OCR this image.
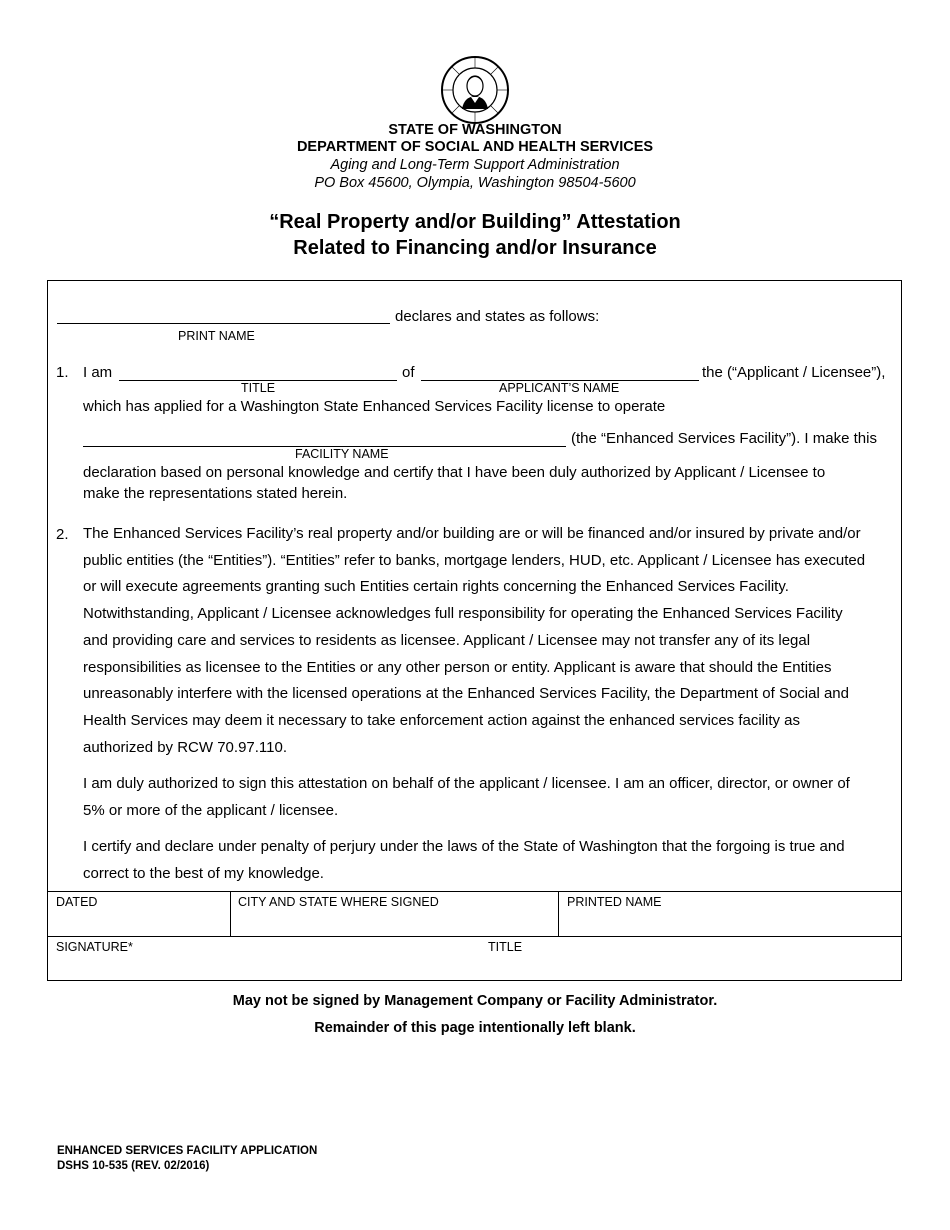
STATE OF WASHINGTON
DEPARTMENT OF SOCIAL AND HEALTH SERVICES
Aging and Long-Term Support Administration
PO Box 45600, Olympia, Washington 98504-5600
“Real Property and/or Building” Attestation
Related to Financing and/or Insurance
declares and states as follows:
PRINT NAME
1. I am	of	the (“Applicant / Licensee”),
TITLE	APPLICANT’S NAME
which has applied for a Washington State Enhanced Services Facility license to operate
(the “Enhanced Services Facility”). I make this
FACILITY NAME
declaration based on personal knowledge and certify that I have been duly authorized by Applicant / Licensee to
make the representations stated herein.
2. The Enhanced Services Facility’s real property and/or building are or will be financed and/or insured by private and/or
public entities (the “Entities”). “Entities” refer to banks, mortgage lenders, HUD, etc. Applicant / Licensee has executed
or will execute agreements granting such Entities certain rights concerning the Enhanced Services Facility.
Notwithstanding, Applicant / Licensee acknowledges full responsibility for operating the Enhanced Services Facility
and providing care and services to residents as licensee. Applicant / Licensee may not transfer any of its legal
responsibilities as licensee to the Entities or any other person or entity. Applicant is aware that should the Entities
unreasonably interfere with the licensed operations at the Enhanced Services Facility, the Department of Social and
Health Services may deem it necessary to take enforcement action against the enhanced services facility as
authorized by RCW 70.97.110.
I am duly authorized to sign this attestation on behalf of the applicant / licensee. I am an officer, director, or owner of
5% or more of the applicant / licensee.
I certify and declare under penalty of perjury under the laws of the State of Washington that the forgoing is true and
correct to the best of my knowledge.
DATED	CITY AND STATE WHERE SIGNED	PRINTED NAME
SIGNATURE*	TITLE
May not be signed by Management Company or Facility Administrator.
Remainder of this page intentionally left blank.
ENHANCED SERVICES FACILITY APPLICATION
DSHS 10-535 (REV. 02/2016)
